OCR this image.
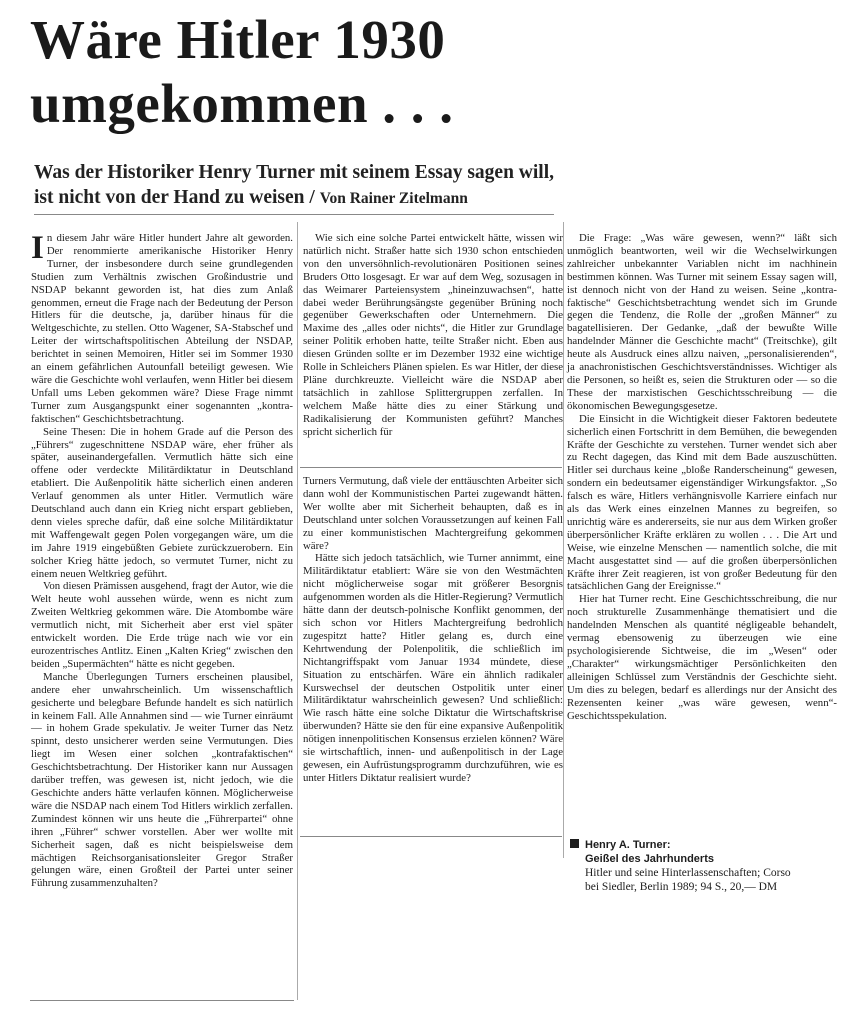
Wäre Hitler 1930
umgekommen . . .
Was der Historiker Henry Turner mit seinem Essay sagen will, ist nicht von der Hand zu weisen / Von Rainer Zitelmann

In diesem Jahr wäre Hitler hundert Jahre alt geworden. Der renommierte amerikanische Historiker Henry Turner, der insbesondere durch seine grundlegenden Studien zum Verhältnis zwischen Großindustrie und NSDAP bekannt geworden ist, hat dies zum Anlaß genommen, erneut die Frage nach der Bedeutung der Person Hitlers für die deutsche, ja, darüber hinaus für die Weltgeschichte, zu stellen. Otto Wagener, SA-Stabschef und Leiter der wirtschaftspolitischen Abteilung der NSDAP, berichtet in seinen Memoiren, Hitler sei im Sommer 1930 an einem gefährlichen Autounfall beteiligt gewesen. Wie wäre die Geschichte wohl verlaufen, wenn Hitler bei diesem Unfall ums Leben gekommen wäre? Diese Frage nimmt Turner zum Ausgangspunkt einer sogenannten „kontra-faktischen“ Geschichtsbetrachtung.

Seine Thesen: Die in hohem Grade auf die Person des „Führers“ zugeschnittene NSDAP wäre, eher früher als später, auseinandergefallen. Vermutlich hätte sich eine offene oder verdeckte Militärdiktatur in Deutschland etabliert. Die Außenpolitik hätte sicherlich einen anderen Verlauf genommen als unter Hitler. Vermutlich wäre Deutschland auch dann ein Krieg nicht erspart geblieben, denn vieles spreche dafür, daß eine solche Militärdiktatur mit Waffengewalt gegen Polen vorgegangen wäre, um die im Jahre 1919 eingebüßten Gebiete zurückzuerobern. Ein solcher Krieg hätte jedoch, so vermutet Turner, nicht zu einem neuen Weltkrieg geführt.

Von diesen Prämissen ausgehend, fragt der Autor, wie die Welt heute wohl aussehen würde, wenn es nicht zum Zweiten Weltkrieg gekommen wäre. Die Atombombe wäre vermutlich nicht, mit Sicherheit aber erst viel später entwickelt worden. Die Erde trüge nach wie vor ein eurozentrisches Antlitz. Einen „Kalten Krieg“ zwischen den beiden „Supermächten“ hätte es nicht gegeben.

Manche Überlegungen Turners erscheinen plausibel, andere eher unwahrscheinlich. Um wissenschaftlich gesicherte und belegbare Befunde handelt es sich natürlich in keinem Fall. Alle Annahmen sind — wie Turner einräumt — in hohem Grade spekulativ. Je weiter Turner das Netz spinnt, desto unsicherer werden seine Vermutungen. Dies liegt im Wesen einer solchen „kontrafaktischen“ Geschichtsbetrachtung. Der Historiker kann nur Aussagen darüber treffen, was gewesen ist, nicht jedoch, wie die Geschichte anders hätte verlaufen können. Möglicherweise wäre die NSDAP nach einem Tod Hitlers wirklich zerfallen. Zumindest können wir uns heute die „Führerpartei“ ohne ihren „Führer“ schwer vorstellen. Aber wer wollte mit Sicherheit sagen, daß es nicht beispielsweise dem mächtigen Reichsorganisationsleiter Gregor Straßer gelungen wäre, einen Großteil der Partei unter seiner Führung zusammenzuhalten?

Wie sich eine solche Partei entwickelt hätte, wissen wir natürlich nicht. Straßer hatte sich 1930 schon entschieden von den unversöhnlich-revolutionären Positionen seines Bruders Otto losgesagt. Er war auf dem Weg, sozusagen in das Weimarer Parteiensystem „hineinzuwachsen“, hatte dabei weder Berührungsängste gegenüber Brüning noch gegenüber Gewerkschaften oder Unternehmern. Die Maxime des „alles oder nichts“, die Hitler zur Grundlage seiner Politik erhoben hatte, teilte Straßer nicht. Eben aus diesen Gründen sollte er im Dezember 1932 eine wichtige Rolle in Schleichers Plänen spielen. Es war Hitler, der diese Pläne durchkreuzte. Vielleicht wäre die NSDAP aber tatsächlich in zahllose Splittergruppen zerfallen. In welchem Maße hätte dies zu einer Stärkung und Radikalisierung der Kommunisten geführt? Manches spricht sicherlich für

Turners Vermutung, daß viele der enttäuschten Arbeiter sich dann wohl der Kommunistischen Partei zugewandt hätten. Wer wollte aber mit Sicherheit behaupten, daß es in Deutschland unter solchen Voraussetzungen auf keinen Fall zu einer kommunistischen Machtergreifung gekommen wäre?

Hätte sich jedoch tatsächlich, wie Turner annimmt, eine Militärdiktatur etabliert: Wäre sie von den Westmächten nicht möglicherweise sogar mit größerer Besorgnis aufgenommen worden als die Hitler-Regierung? Vermutlich hätte dann der deutsch-polnische Konflikt genommen, der sich schon vor Hitlers Machtergreifung bedrohlich zugespitzt hatte? Hitler gelang es, durch eine Kehrtwendung der Polenpolitik, die schließlich im Nichtangriffspakt vom Januar 1934 mündete, diese Situation zu entschärfen. Wäre ein ähnlich radikaler Kurswechsel der deutschen Ostpolitik unter einer Militärdiktatur wahrscheinlich gewesen? Und schließlich: Wie rasch hätte eine solche Diktatur die Wirtschaftskrise überwunden? Hätte sie den für eine expansive Außenpolitik nötigen innenpolitischen Konsensus erzielen können? Wäre sie wirtschaftlich, innen- und außenpolitisch in der Lage gewesen, ein Aufrüstungsprogramm durchzuführen, wie es unter Hitlers Diktatur realisiert wurde?

Die Frage: „Was wäre gewesen, wenn?“ läßt sich unmöglich beantworten, weil wir die Wechselwirkungen zahlreicher unbekannter Variablen nicht im nachhinein bestimmen können. Was Turner mit seinem Essay sagen will, ist dennoch nicht von der Hand zu weisen. Seine „kontra-faktische“ Geschichtsbetrachtung wendet sich im Grunde gegen die Tendenz, die Rolle der „großen Männer“ zu bagatellisieren. Der Gedanke, „daß der bewußte Wille handelnder Männer die Geschichte macht“ (Treitschke), gilt heute als Ausdruck eines allzu naiven, „personalisierenden“, ja anachronistischen Geschichtsverständnisses. Wichtiger als die Personen, so heißt es, seien die Strukturen oder — so die These der marxistischen Geschichtsschreibung — die ökonomischen Bewegungsgesetze.

Die Einsicht in die Wichtigkeit dieser Faktoren bedeutete sicherlich einen Fortschritt in dem Bemühen, die bewegenden Kräfte der Geschichte zu verstehen. Turner wendet sich aber zu Recht dagegen, das Kind mit dem Bade auszuschütten. Hitler sei durchaus keine „bloße Randerscheinung“ gewesen, sondern ein bedeutsamer eigenständiger Wirkungsfaktor. „So falsch es wäre, Hitlers verhängnisvolle Karriere einfach nur als das Werk eines einzelnen Mannes zu begreifen, so unrichtig wäre es andererseits, sie nur aus dem Wirken großer überpersönlicher Kräfte erklären zu wollen . . . Die Art und Weise, wie einzelne Menschen — namentlich solche, die mit Macht ausgestattet sind — auf die großen überpersönlichen Kräfte ihrer Zeit reagieren, ist von großer Bedeutung für den tatsächlichen Gang der Ereignisse.“

Hier hat Turner recht. Eine Geschichtsschreibung, die nur noch strukturelle Zusammenhänge thematisiert und die handelnden Menschen als quantité négligeable behandelt, vermag ebensowenig zu überzeugen wie eine psychologisierende Sichtweise, die im „Wesen“ oder „Charakter“ wirkungsmächtiger Persönlichkeiten den alleinigen Schlüssel zum Verständnis der Geschichte sieht. Um dies zu belegen, bedarf es allerdings nur der Ansicht des Rezensenten keiner „was wäre gewesen, wenn“-Geschichtsspekulation.

Henry A. Turner:

Geißel des Jahrhunderts
Hitler und seine Hinterlassenschaften; Corso
bei Siedler, Berlin 1989; 94 S., 20,— DM
